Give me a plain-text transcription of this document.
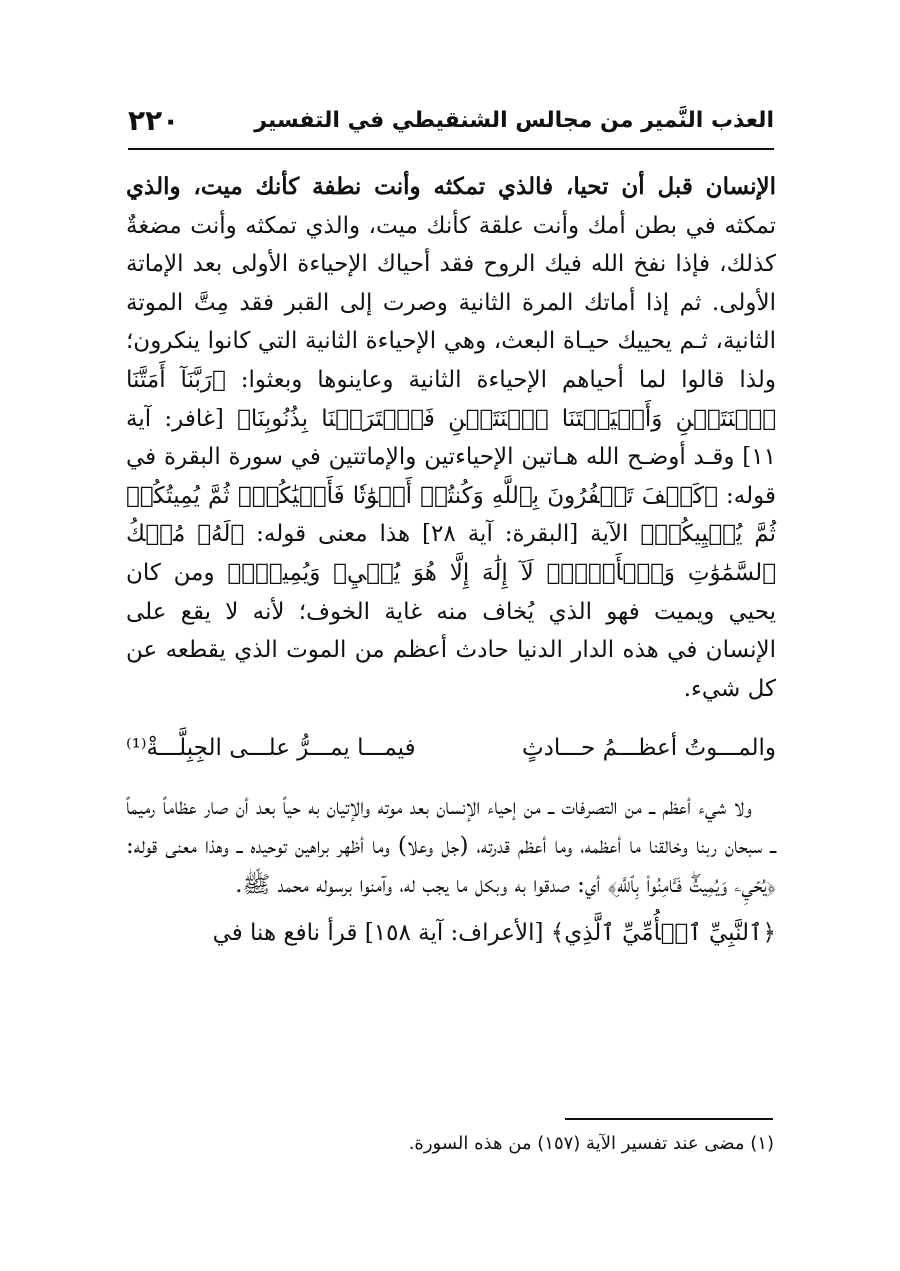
العذب النَّمير من مجالس الشنقيطي في التفسير
٢٢٠

الإنسان قبل أن تحيا، فالذي تمكثه وأنت نطفة كأنك ميت، والذي تمكثه في بطن أمك وأنت علقة كأنك ميت، والذي تمكثه وأنت مضغةٌ كذلك، فإذا نفخ الله فيك الروح فقد أحياك الإحياءة الأولى بعد الإماتة الأولى. ثم إذا أماتك المرة الثانية وصرت إلى القبر فقد مِتَّ الموتة الثانية، ثـم يحييك حيـاة البعث، وهي الإحياءة الثانية التي كانوا ينكرون؛ ولذا قالوا لما أحياهم الإحياءة الثانية وعاينوها وبعثوا: ﴿رَبَّنَآ أَمَتَّنَا ٱثۡنَتَيۡنِ وَأَحۡيَيۡتَنَا ٱثۡنَتَيۡنِ فَٱعۡتَرَفۡنَا بِذُنُوبِنَا﴾ [غافر: آية ١١] وقـد أوضـح الله هـاتين الإحياءتين والإماتتين في سورة البقرة في قوله: ﴿كَيۡفَ تَكۡفُرُونَ بِٱللَّهِ وَكُنتُمۡ أَمۡوَٰتٗا فَأَحۡيَٰكُمۡۖ ثُمَّ يُمِيتُكُمۡ ثُمَّ يُحۡيِيكُمۡ﴾ الآية [البقرة: آية ٢٨] هذا معنى قوله: ﴿لَهُۥ مُلۡكُ ٱلسَّمَٰوَٰتِ وَٱلۡأَرۡضِۖ لَآ إِلَٰهَ إِلَّا هُوَ يُحۡيِۦ وَيُمِيتُۖ﴾ ومن كان يحيي ويميت فهو الذي يُخاف منه غاية الخوف؛ لأنه لا يقع على الإنسان في هذه الدار الدنيا حادث أعظم من الموت الذي يقطعه عن كل شيء.

والمـــوتُ أعظـــمُ حـــادثٍ
فيمـــا يمـــرُّ علـــى الجِبِلَّـــةْ⁽¹⁾

ولا شيء أعظم ــ من التصرفات ــ من إحياء الإنسان بعد موته والإتيان به حياً بعد أن صار عظاماً رميماً ــ سبحان ربنا وخالقنا ما أعظمه، وما أعظم قدرته، (جل وعلا) وما أظهر براهين توحيده ــ وهذا معنى قوله: ﴿يُحۡيِۦ وَيُمِيتُۖ فَـَٔامِنُواْ بِٱللَّهِ﴾ أي: صدقوا به وبكل ما يجب له، وآمنوا برسوله محمد ﷺ.

﴿ٱلنَّبِيِّ ٱلۡأُمِّيِّ ٱلَّذِي﴾ [الأعراف: آية ١٥٨] قرأ نافع هنا في

(١) مضى عند تفسير الآية (١٥٧) من هذه السورة.
